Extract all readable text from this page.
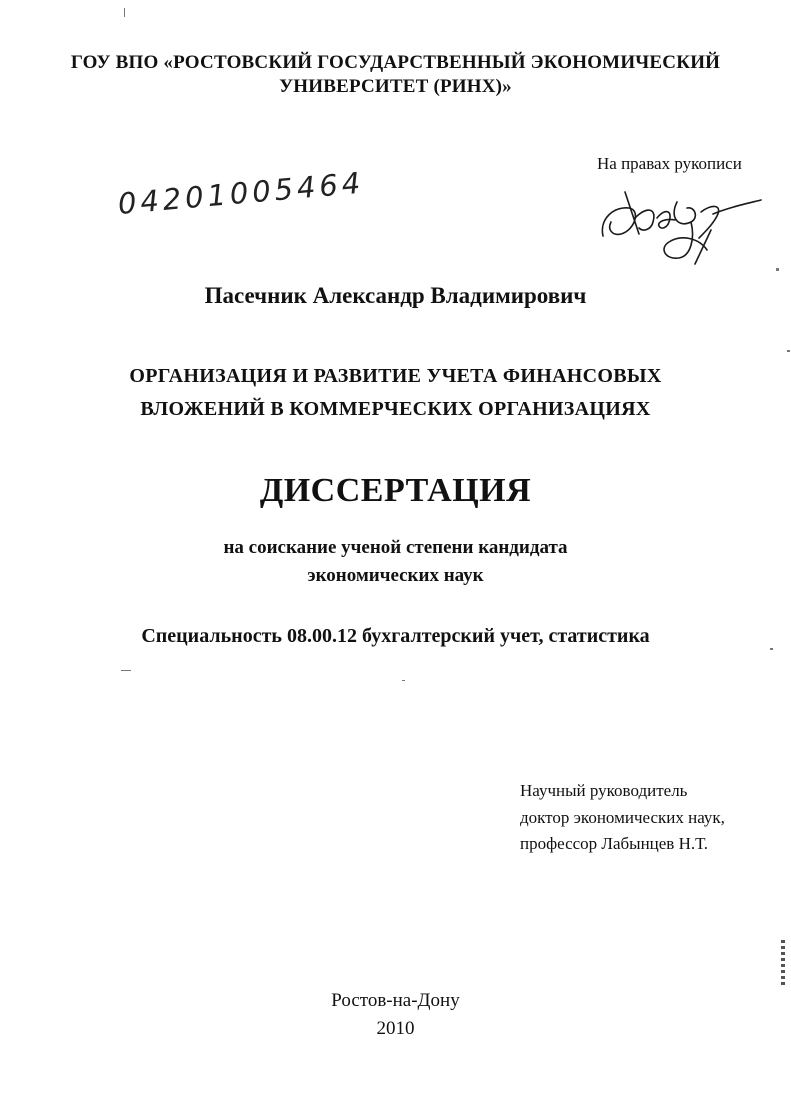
ГОУ ВПО «РОСТОВСКИЙ ГОСУДАРСТВЕННЫЙ ЭКОНОМИЧЕСКИЙ

УНИВЕРСИТЕТ (РИНХ)»

На правах рукописи
04201005464

Пасечник Александр Владимирович

ОРГАНИЗАЦИЯ И РАЗВИТИЕ УЧЕТА ФИНАНСОВЫХ

ВЛОЖЕНИЙ В КОММЕРЧЕСКИХ ОРГАНИЗАЦИЯХ

ДИССЕРТАЦИЯ

на соискание ученой степени кандидата

экономических наук

Специальность 08.00.12 бухгалтерский учет, статистика

Научный руководитель
доктор экономических наук,
профессор Лабынцев Н.Т.

Ростов-на-Дону

2010
